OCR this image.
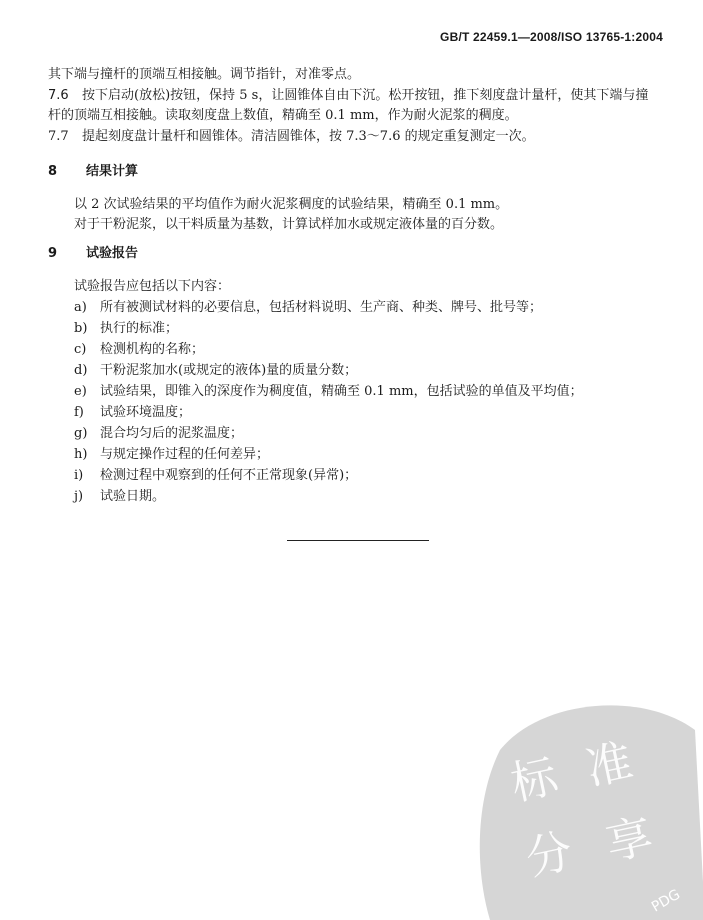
GB/T 22459.1—2008/ISO 13765-1:2004
其下端与撞杆的顶端互相接触。调节指针，对准零点。
7.6 按下启动(放松)按钮，保持 5 s，让圆锥体自由下沉。松开按钮，推下刻度盘计量杆，使其下端与撞
杆的顶端互相接触。读取刻度盘上数值，精确至 0.1 mm，作为耐火泥浆的稠度。
7.7 提起刻度盘计量杆和圆锥体。清洁圆锥体，按 7.3～7.6 的规定重复测定一次。
8 结果计算
以 2 次试验结果的平均值作为耐火泥浆稠度的试验结果，精确至 0.1 mm。
对于干粉泥浆，以干料质量为基数，计算试样加水或规定液体量的百分数。
9 试验报告
试验报告应包括以下内容：
a) 所有被测试材料的必要信息，包括材料说明、生产商、种类、牌号、批号等；
b) 执行的标准；
c) 检测机构的名称；
d) 干粉泥浆加水(或规定的液体)量的质量分数；
e) 试验结果，即锥入的深度作为稠度值，精确至 0.1 mm，包括试验的单值及平均值；
f) 试验环境温度；
g) 混合均匀后的泥浆温度；
h) 与规定操作过程的任何差异；
i) 检测过程中观察到的任何不正常现象(异常)；
j) 试验日期。
标 准
分 享
PDG
